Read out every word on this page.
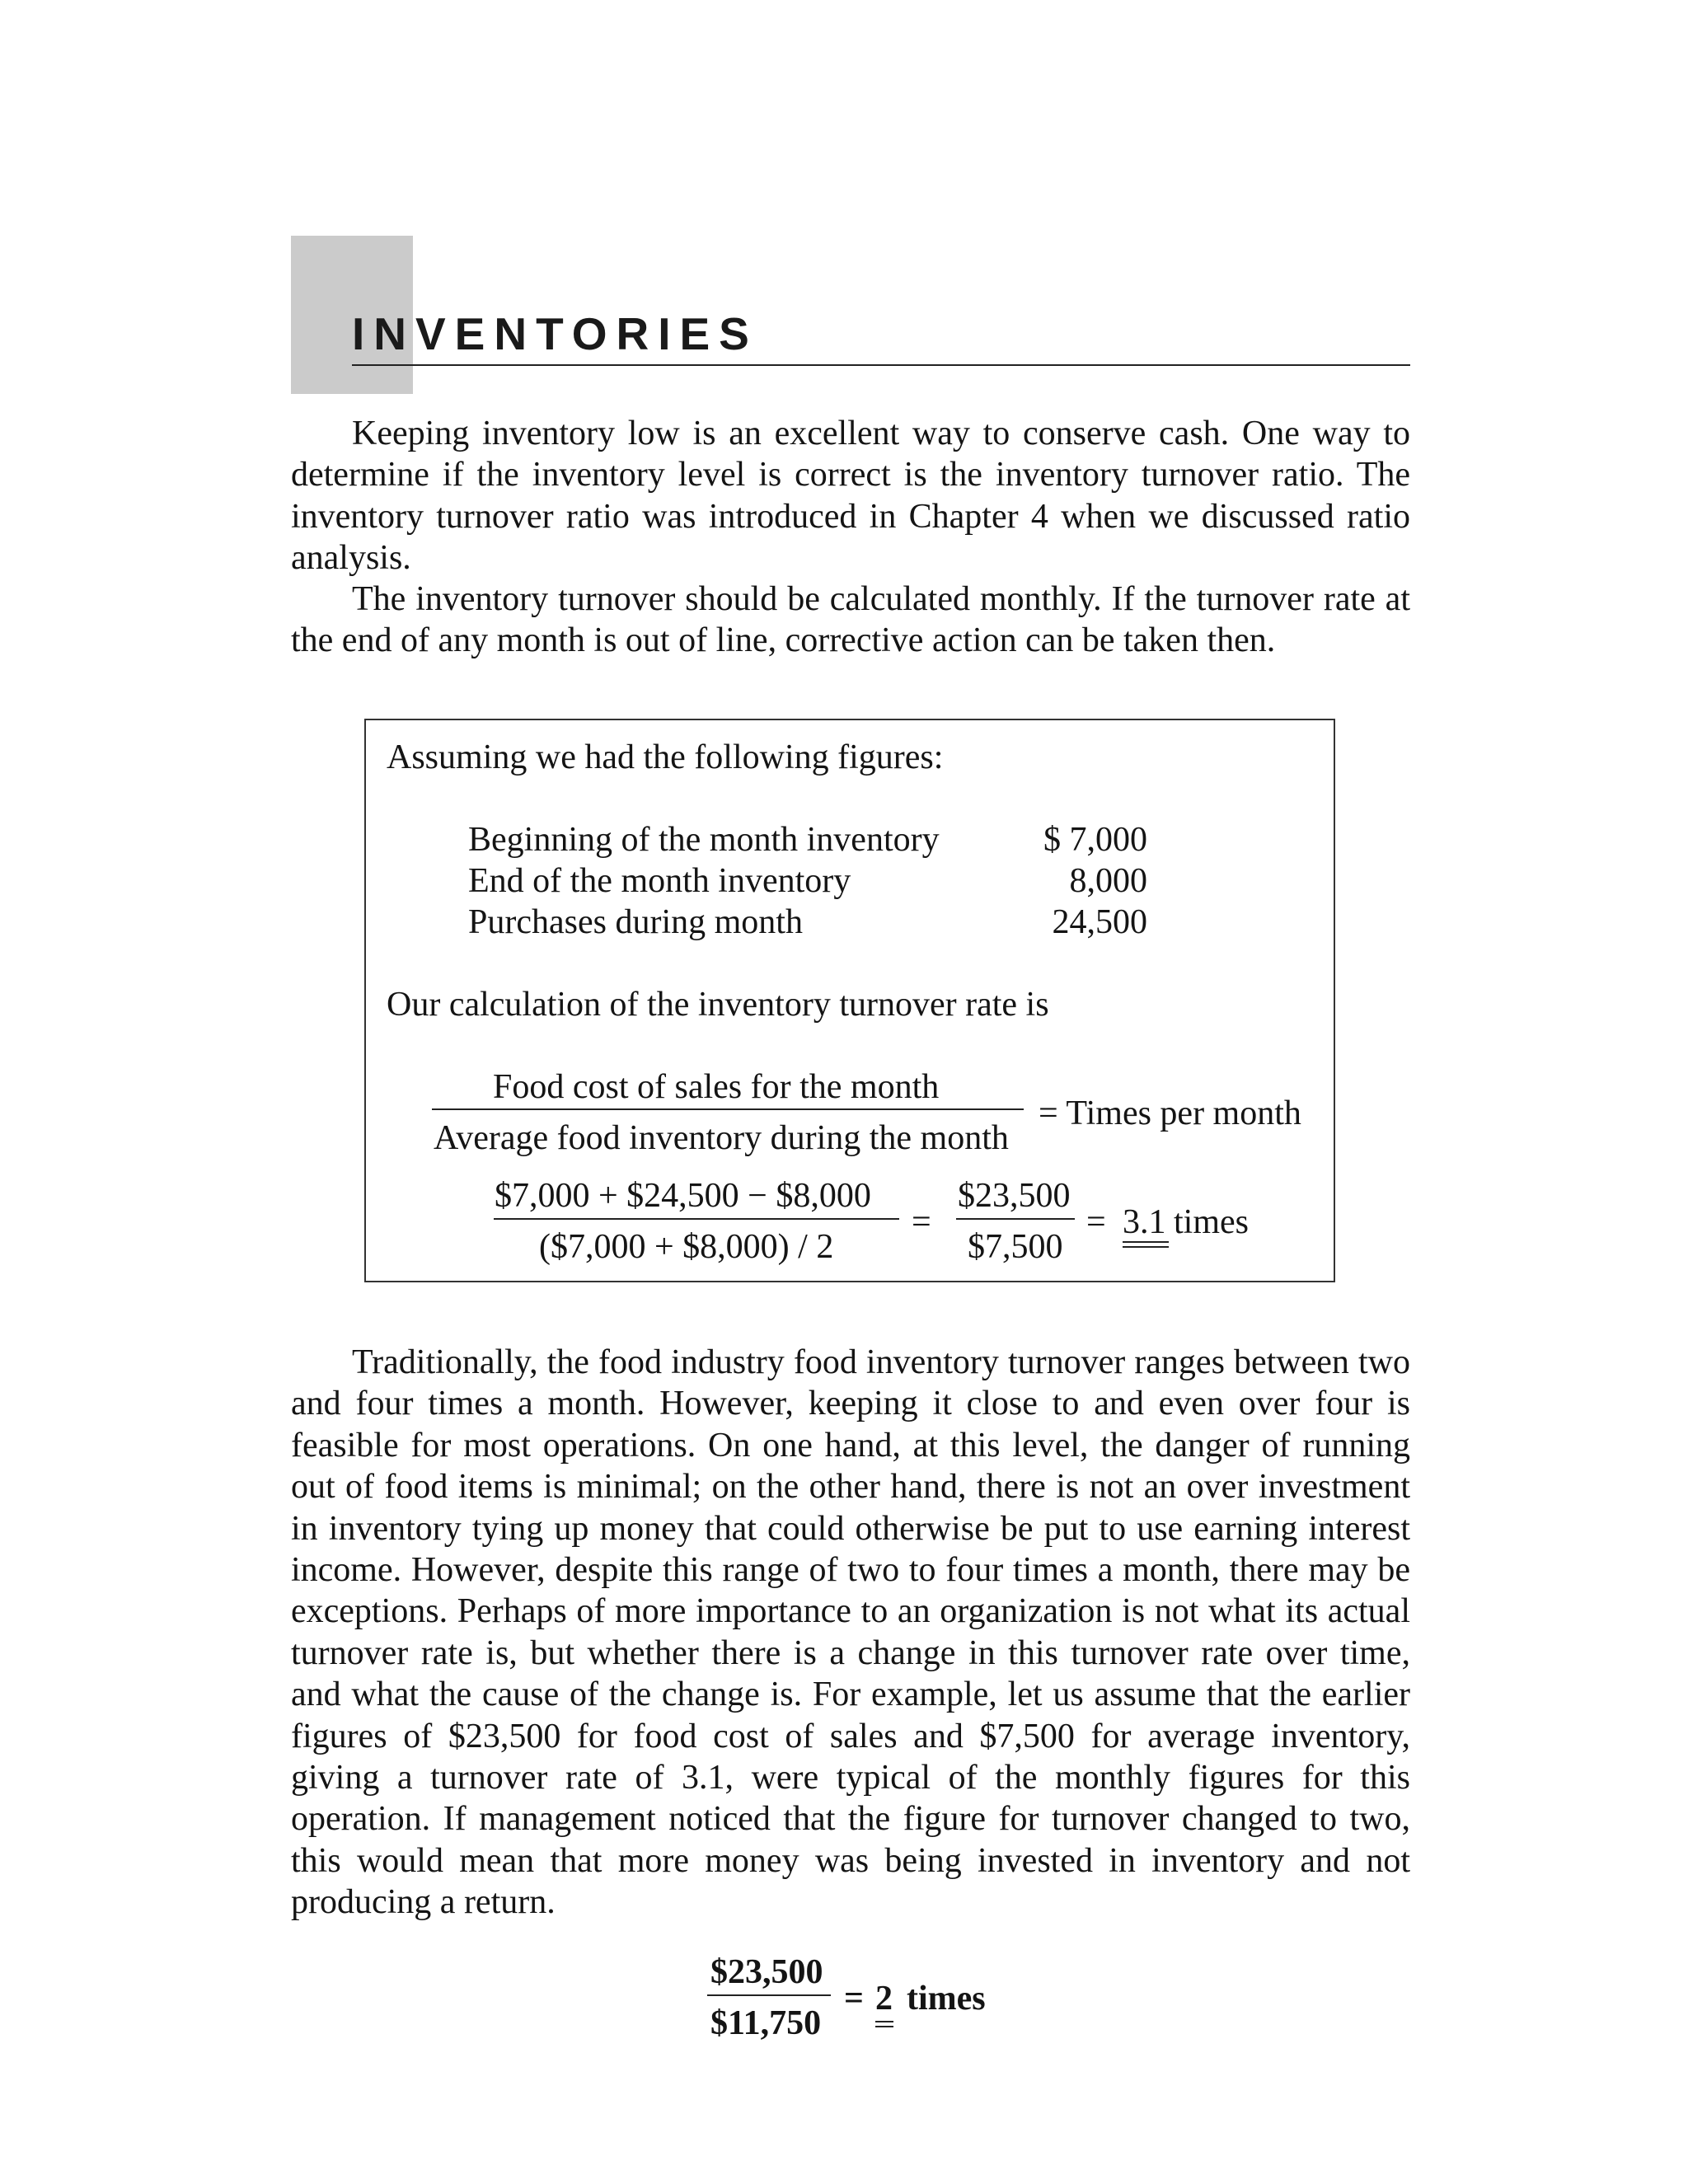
INVENTORIES

Keeping inventory low is an excellent way to conserve cash. One way to determine if the inventory level is correct is the inventory turnover ratio. The inventory turnover ratio was introduced in Chapter 4 when we discussed ratio analysis.

The inventory turnover should be calculated monthly. If the turnover rate at the end of any month is out of line, corrective action can be taken then.

Assuming we had the following figures:
Beginning of the month inventory	$ 7,000
End of the month inventory	8,000
Purchases during month	24,500
Our calculation of the inventory turnover rate is
Food cost of sales for the month
Average food inventory during the month
= Times per month
$7,000 + $24,500 − $8,000
($7,000 + $8,000) / 2
=
$23,500
$7,500
= 3.1 times

Traditionally, the food industry food inventory turnover ranges between two and four times a month. However, keeping it close to and even over four is feasible for most operations. On one hand, at this level, the danger of running out of food items is minimal; on the other hand, there is not an over investment in inventory tying up money that could otherwise be put to use earning interest income. However, despite this range of two to four times a month, there may be exceptions. Perhaps of more importance to an organization is not what its actual turnover rate is, but whether there is a change in this turnover rate over time, and what the cause of the change is. For example, let us assume that the earlier figures of $23,500 for food cost of sales and $7,500 for average inventory, giving a turnover rate of 3.1, were typical of the monthly figures for this operation. If management noticed that the figure for turnover changed to two, this would mean that more money was being invested in inventory and not producing a return.

$23,500
$11,750
= 2 times
